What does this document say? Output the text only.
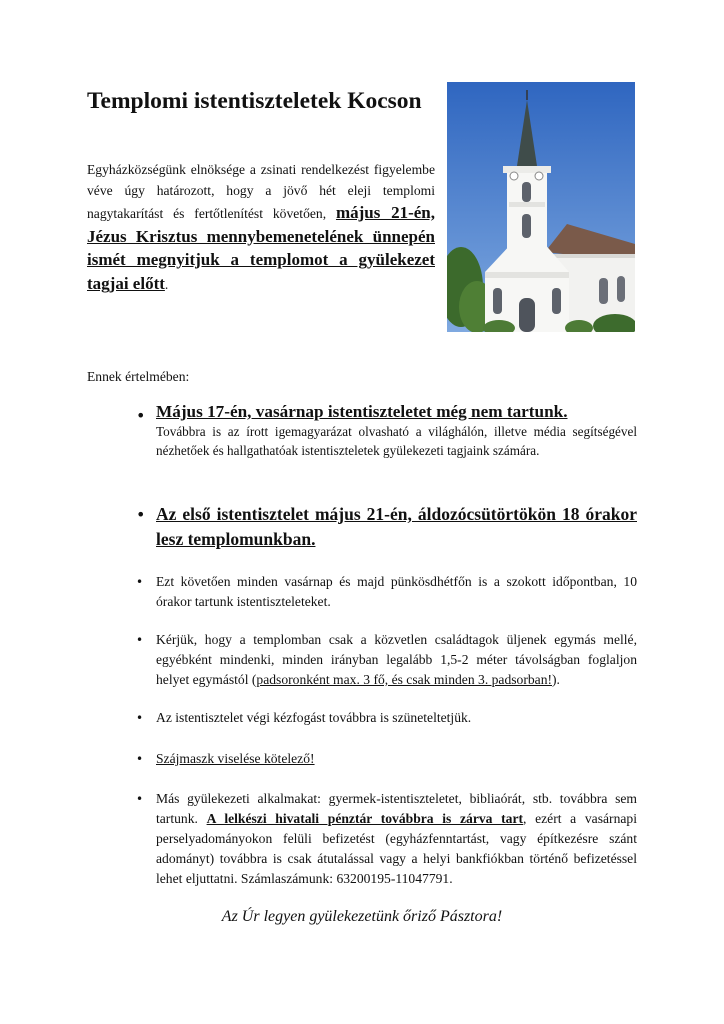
Templomi istentiszteletek Kocson
Egyházközségünk elnöksége a zsinati rendelkezést figyelembe véve úgy határozott, hogy a jövő hét eleji templomi nagytakarítást és fertőtlenítést követően, május 21-én, Jézus Krisztus mennybemenetelének ünnepén ismét megnyitjuk a templomot a gyülekezet tagjai előtt.
Ennek értelmében:
• Május 17-én, vasárnap istentiszteletet még nem tartunk.
Továbbra is az írott igemagyarázat olvasható a világhálón, illetve média segítségével nézhetőek és hallgathatóak istentiszteletek gyülekezeti tagjaink számára.
• Az első istentisztelet május 21-én, áldozócsütörtökön 18 órakor lesz templomunkban.
• Ezt követően minden vasárnap és majd pünkösdhétfőn is a szokott időpontban, 10 órakor tartunk istentiszteleteket.
• Kérjük, hogy a templomban csak a közvetlen családtagok üljenek egymás mellé, egyébként mindenki, minden irányban legalább 1,5-2 méter távolságban foglaljon helyet egymástól (padsoronként max. 3 fő, és csak minden 3. padsorban!).
• Az istentisztelet végi kézfogást továbbra is szüneteltetjük.
• Szájmaszk viselése kötelező!
• Más gyülekezeti alkalmakat: gyermek-istentiszteletet, bibliaórát, stb. továbbra sem tartunk. A lelkészi hivatali pénztár továbbra is zárva tart, ezért a vasárnapi perselyadományokon felüli befizetést (egyházfenntartást, vagy építkezésre szánt adományt) továbbra is csak átutalással vagy a helyi bankfiókban történő befizetéssel lehet eljuttatni. Számlaszámunk: 63200195-11047791.
Az Úr legyen gyülekezetünk őriző Pásztora!
